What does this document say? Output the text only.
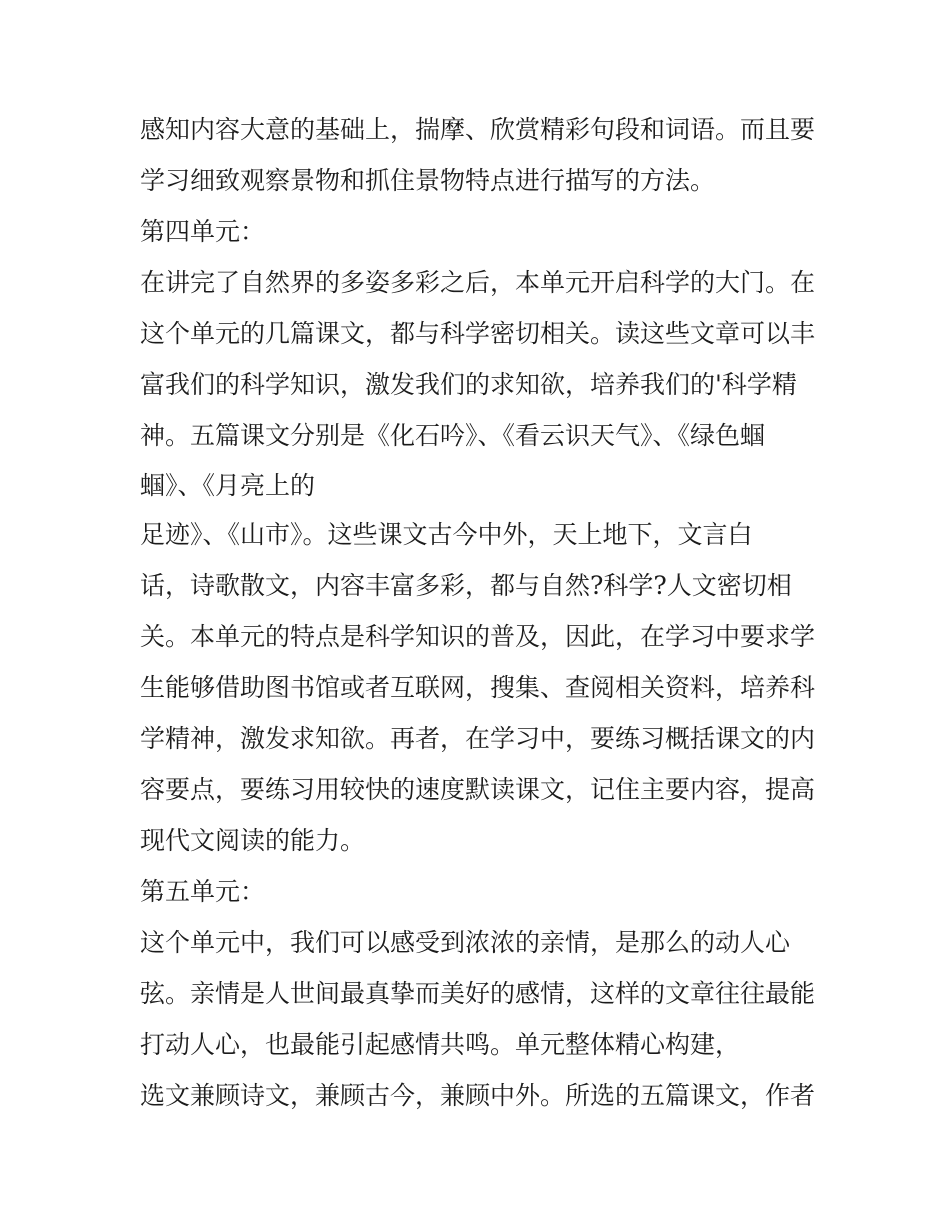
感知内容大意的基础上，揣摩、欣赏精彩句段和词语。而且要
学习细致观察景物和抓住景物特点进行描写的方法。
第四单元：
在讲完了自然界的多姿多彩之后，本单元开启科学的大门。在
这个单元的几篇课文，都与科学密切相关。读这些文章可以丰
富我们的科学知识，激发我们的求知欲，培养我们的'科学精
神。五篇课文分别是《化石吟》、《看云识天气》、《绿色蝈
蝈》、《月亮上的
足迹》、《山市》。这些课文古今中外，天上地下，文言白
话，诗歌散文，内容丰富多彩，都与自然?科学?人文密切相
关。本单元的特点是科学知识的普及，因此，在学习中要求学
生能够借助图书馆或者互联网，搜集、查阅相关资料，培养科
学精神，激发求知欲。再者，在学习中，要练习概括课文的内
容要点，要练习用较快的速度默读课文，记住主要内容，提高
现代文阅读的能力。
第五单元：
这个单元中，我们可以感受到浓浓的亲情，是那么的动人心
弦。亲情是人世间最真挚而美好的感情，这样的文章往往最能
打动人心，也最能引起感情共鸣。单元整体精心构建，
选文兼顾诗文，兼顾古今，兼顾中外。所选的五篇课文，作者
